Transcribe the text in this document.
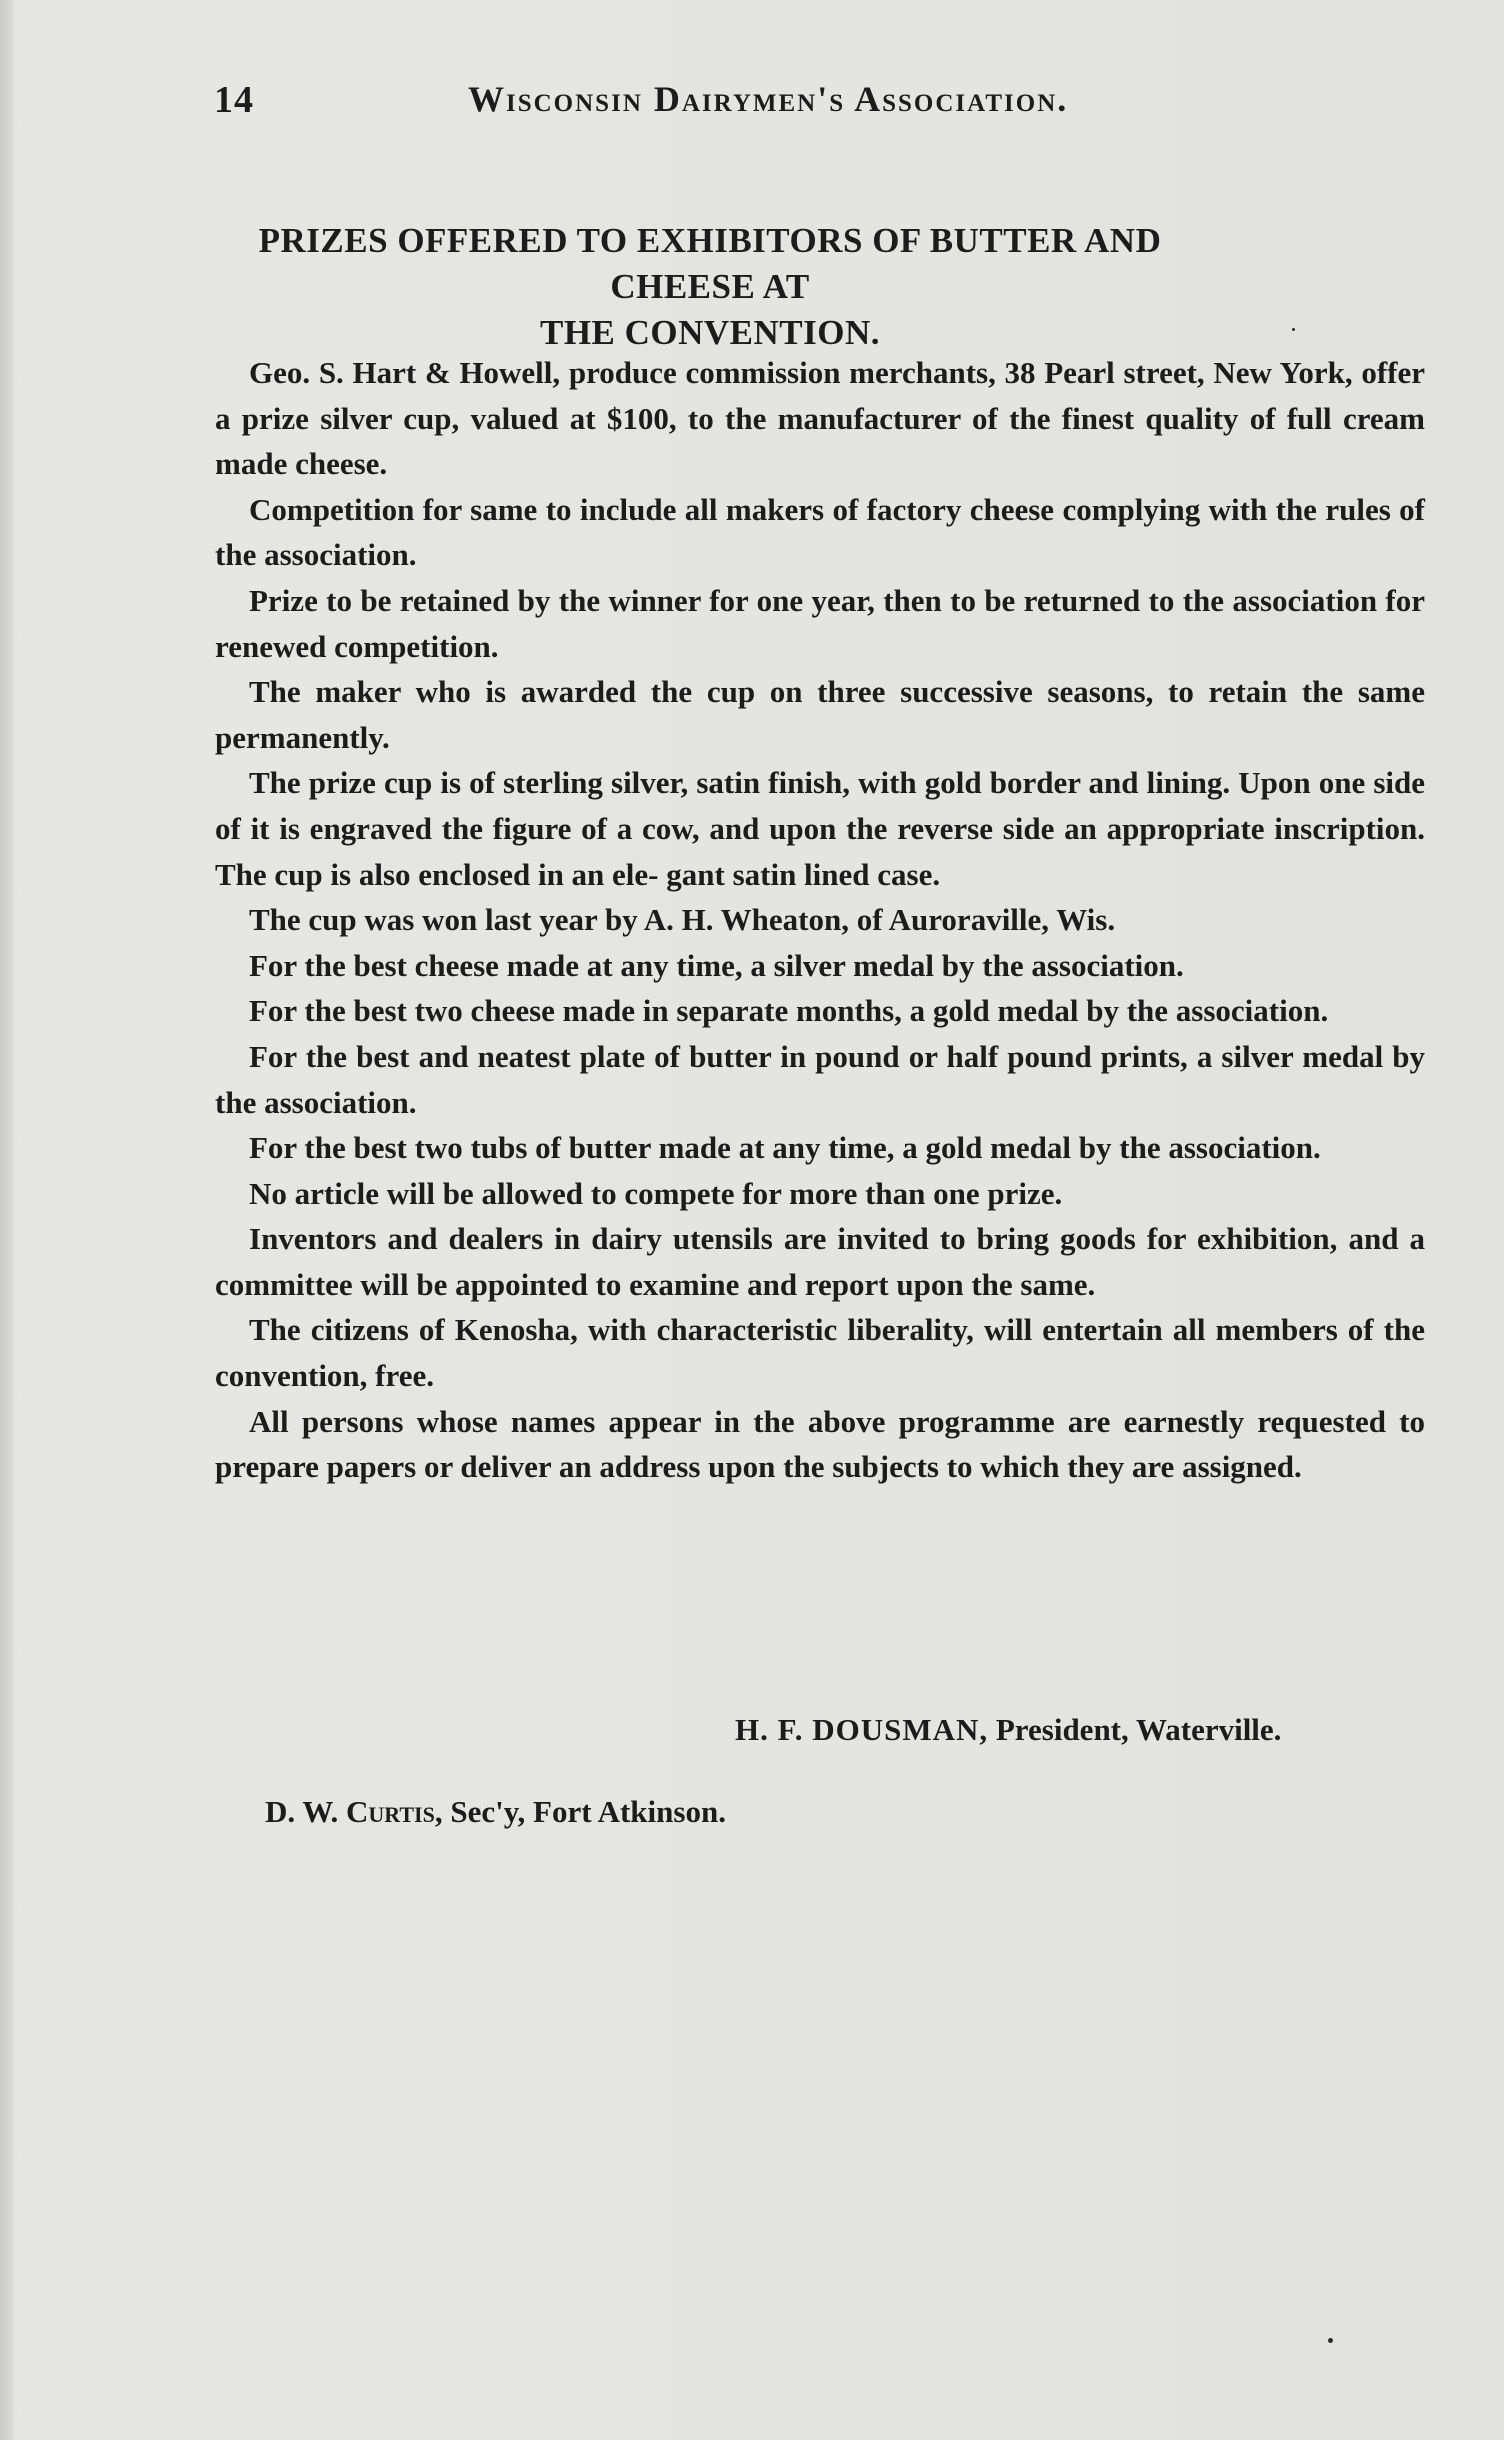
14	Wisconsin Dairymen's Association.
PRIZES OFFERED TO EXHIBITORS OF BUTTER AND CHEESE AT
THE CONVENTION.

Geo. S. Hart & Howell, produce commission merchants, 38 Pearl street, New York, offer a prize silver cup, valued at $100, to the manufacturer of the finest quality of full cream made cheese.

Competition for same to include all makers of factory cheese complying with the rules of the association.

Prize to be retained by the winner for one year, then to be returned to the association for renewed competition.

The maker who is awarded the cup on three successive seasons, to retain the same permanently.

The prize cup is of sterling silver, satin finish, with gold border and lining. Upon one side of it is engraved the figure of a cow, and upon the reverse side an appropriate inscription. The cup is also enclosed in an ele- gant satin lined case.

The cup was won last year by A. H. Wheaton, of Auroraville, Wis.

For the best cheese made at any time, a silver medal by the association.

For the best two cheese made in separate months, a gold medal by the association.

For the best and neatest plate of butter in pound or half pound prints, a silver medal by the association.

For the best two tubs of butter made at any time, a gold medal by the association.

No article will be allowed to compete for more than one prize.

Inventors and dealers in dairy utensils are invited to bring goods for exhibition, and a committee will be appointed to examine and report upon the same.

The citizens of Kenosha, with characteristic liberality, will entertain all members of the convention, free.

All persons whose names appear in the above programme are earnestly requested to prepare papers or deliver an address upon the subjects to which they are assigned.

H. F. DOUSMAN, President, Waterville.
D. W. Curtis, Sec'y, Fort Atkinson.
